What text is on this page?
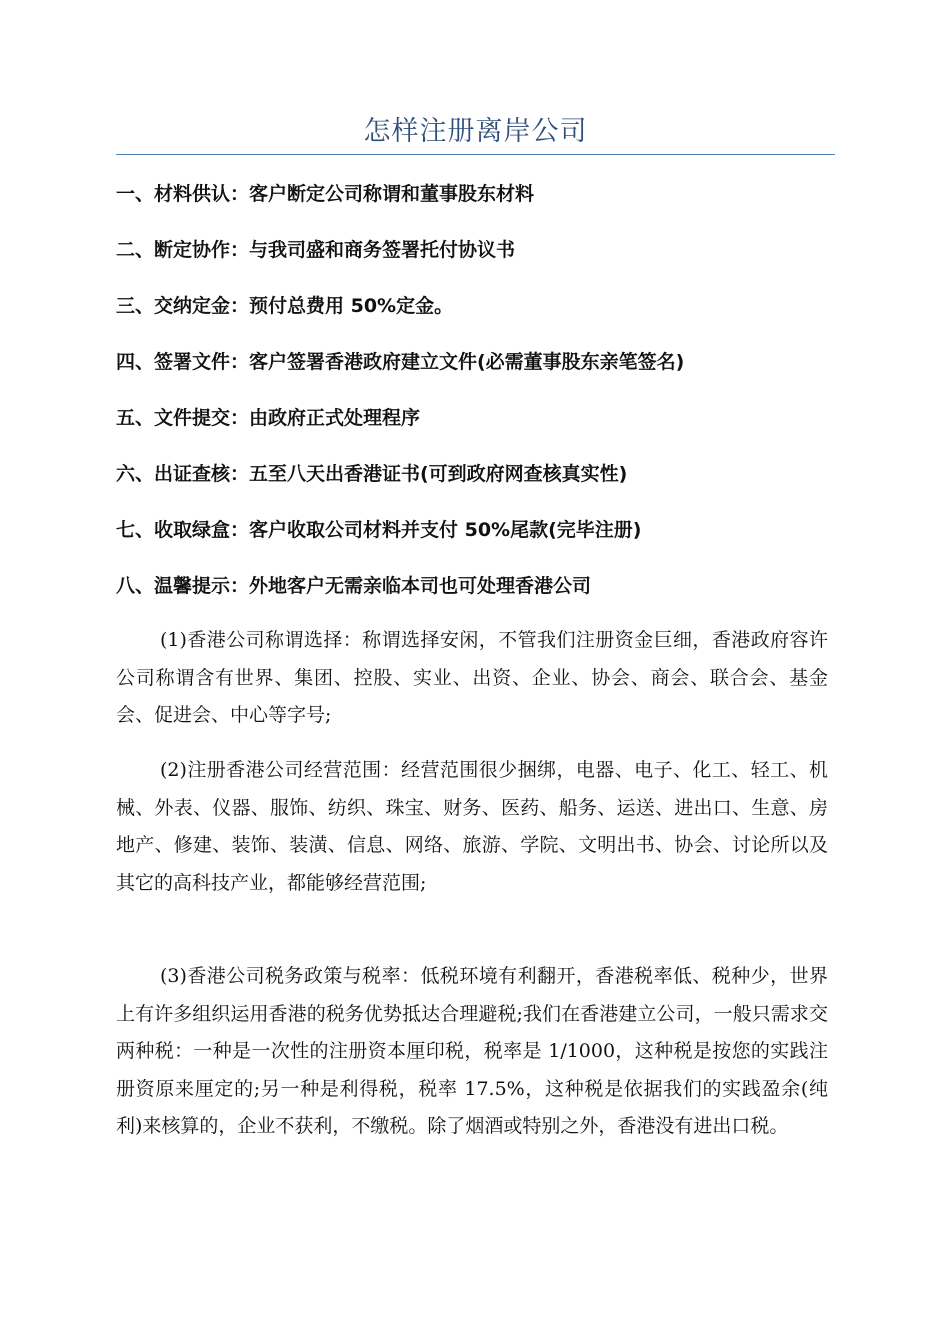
怎样注册离岸公司
一、材料供认：客户断定公司称谓和董事股东材料
二、断定协作：与我司盛和商务签署托付协议书
三、交纳定金：预付总费用 50%定金。
四、签署文件：客户签署香港政府建立文件(必需董事股东亲笔签名)
五、文件提交：由政府正式处理程序
六、出证查核：五至八天出香港证书(可到政府网查核真实性)
七、收取绿盒：客户收取公司材料并支付 50%尾款(完毕注册)
八、温馨提示：外地客户无需亲临本司也可处理香港公司

(1)香港公司称谓选择：称谓选择安闲，不管我们注册资金巨细，香港政府容许公司称谓含有世界、集团、控股、实业、出资、企业、协会、商会、联合会、基金会、促进会、中心等字号;

(2)注册香港公司经营范围：经营范围很少捆绑，电器、电子、化工、轻工、机械、外表、仪器、服饰、纺织、珠宝、财务、医药、船务、运送、进出口、生意、房地产、修建、装饰、装潢、信息、网络、旅游、学院、文明出书、协会、讨论所以及其它的高科技产业，都能够经营范围;

(3)香港公司税务政策与税率：低税环境有利翻开，香港税率低、税种少，世界上有许多组织运用香港的税务优势抵达合理避税;我们在香港建立公司，一般只需求交两种税：一种是一次性的注册资本厘印税，税率是 1/1000，这种税是按您的实践注册资原来厘定的;另一种是利得税，税率 17.5%，这种税是依据我们的实践盈余(纯利)来核算的，企业不获利，不缴税。除了烟酒或特别之外，香港没有进出口税。
